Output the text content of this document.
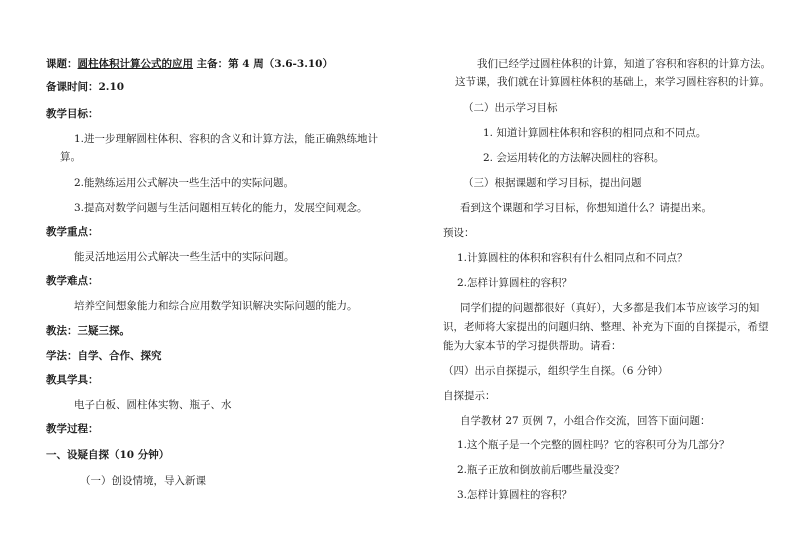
课题：圆柱体积计算公式的应用 主备：第 4 周（3.6-3.10）
备课时间：2.10
教学目标：
1.进一步理解圆柱体积、容积的含义和计算方法，能正确熟练地计
算。
2.能熟练运用公式解决一些生活中的实际问题。
3.提高对数学问题与生活问题相互转化的能力，发展空间观念。
教学重点：
能灵活地运用公式解决一些生活中的实际问题。
教学难点：
培养空间想象能力和综合应用数学知识解决实际问题的能力。
教法：三疑三探。
学法：自学、合作、探究
教具学具：
电子白板、圆柱体实物、瓶子、水
教学过程：
一、设疑自探（10 分钟）
（一）创设情境，导入新课
我们已经学过圆柱体积的计算，知道了容积和容积的计算方法。
这节课，我们就在计算圆柱体积的基础上，来学习圆柱容积的计算。
（二）出示学习目标
1. 知道计算圆柱体积和容积的相同点和不同点。
2. 会运用转化的方法解决圆柱的容积。
（三）根据课题和学习目标，提出问题
看到这个课题和学习目标，你想知道什么？请提出来。
预设：
1.计算圆柱的体积和容积有什么相同点和不同点？
2.怎样计算圆柱的容积？
同学们提的问题都很好（真好），大多都是我们本节应该学习的知
识，老师将大家提出的问题归纳、整理、补充为下面的自探提示，希望
能为大家本节的学习提供帮助。请看：
（四）出示自探提示，组织学生自探。（6 分钟）
自探提示：
自学教材 27 页例 7，小组合作交流，回答下面问题：
1.这个瓶子是一个完整的圆柱吗？它的容积可分为几部分？
2.瓶子正放和倒放前后哪些量没变？
3.怎样计算圆柱的容积？
